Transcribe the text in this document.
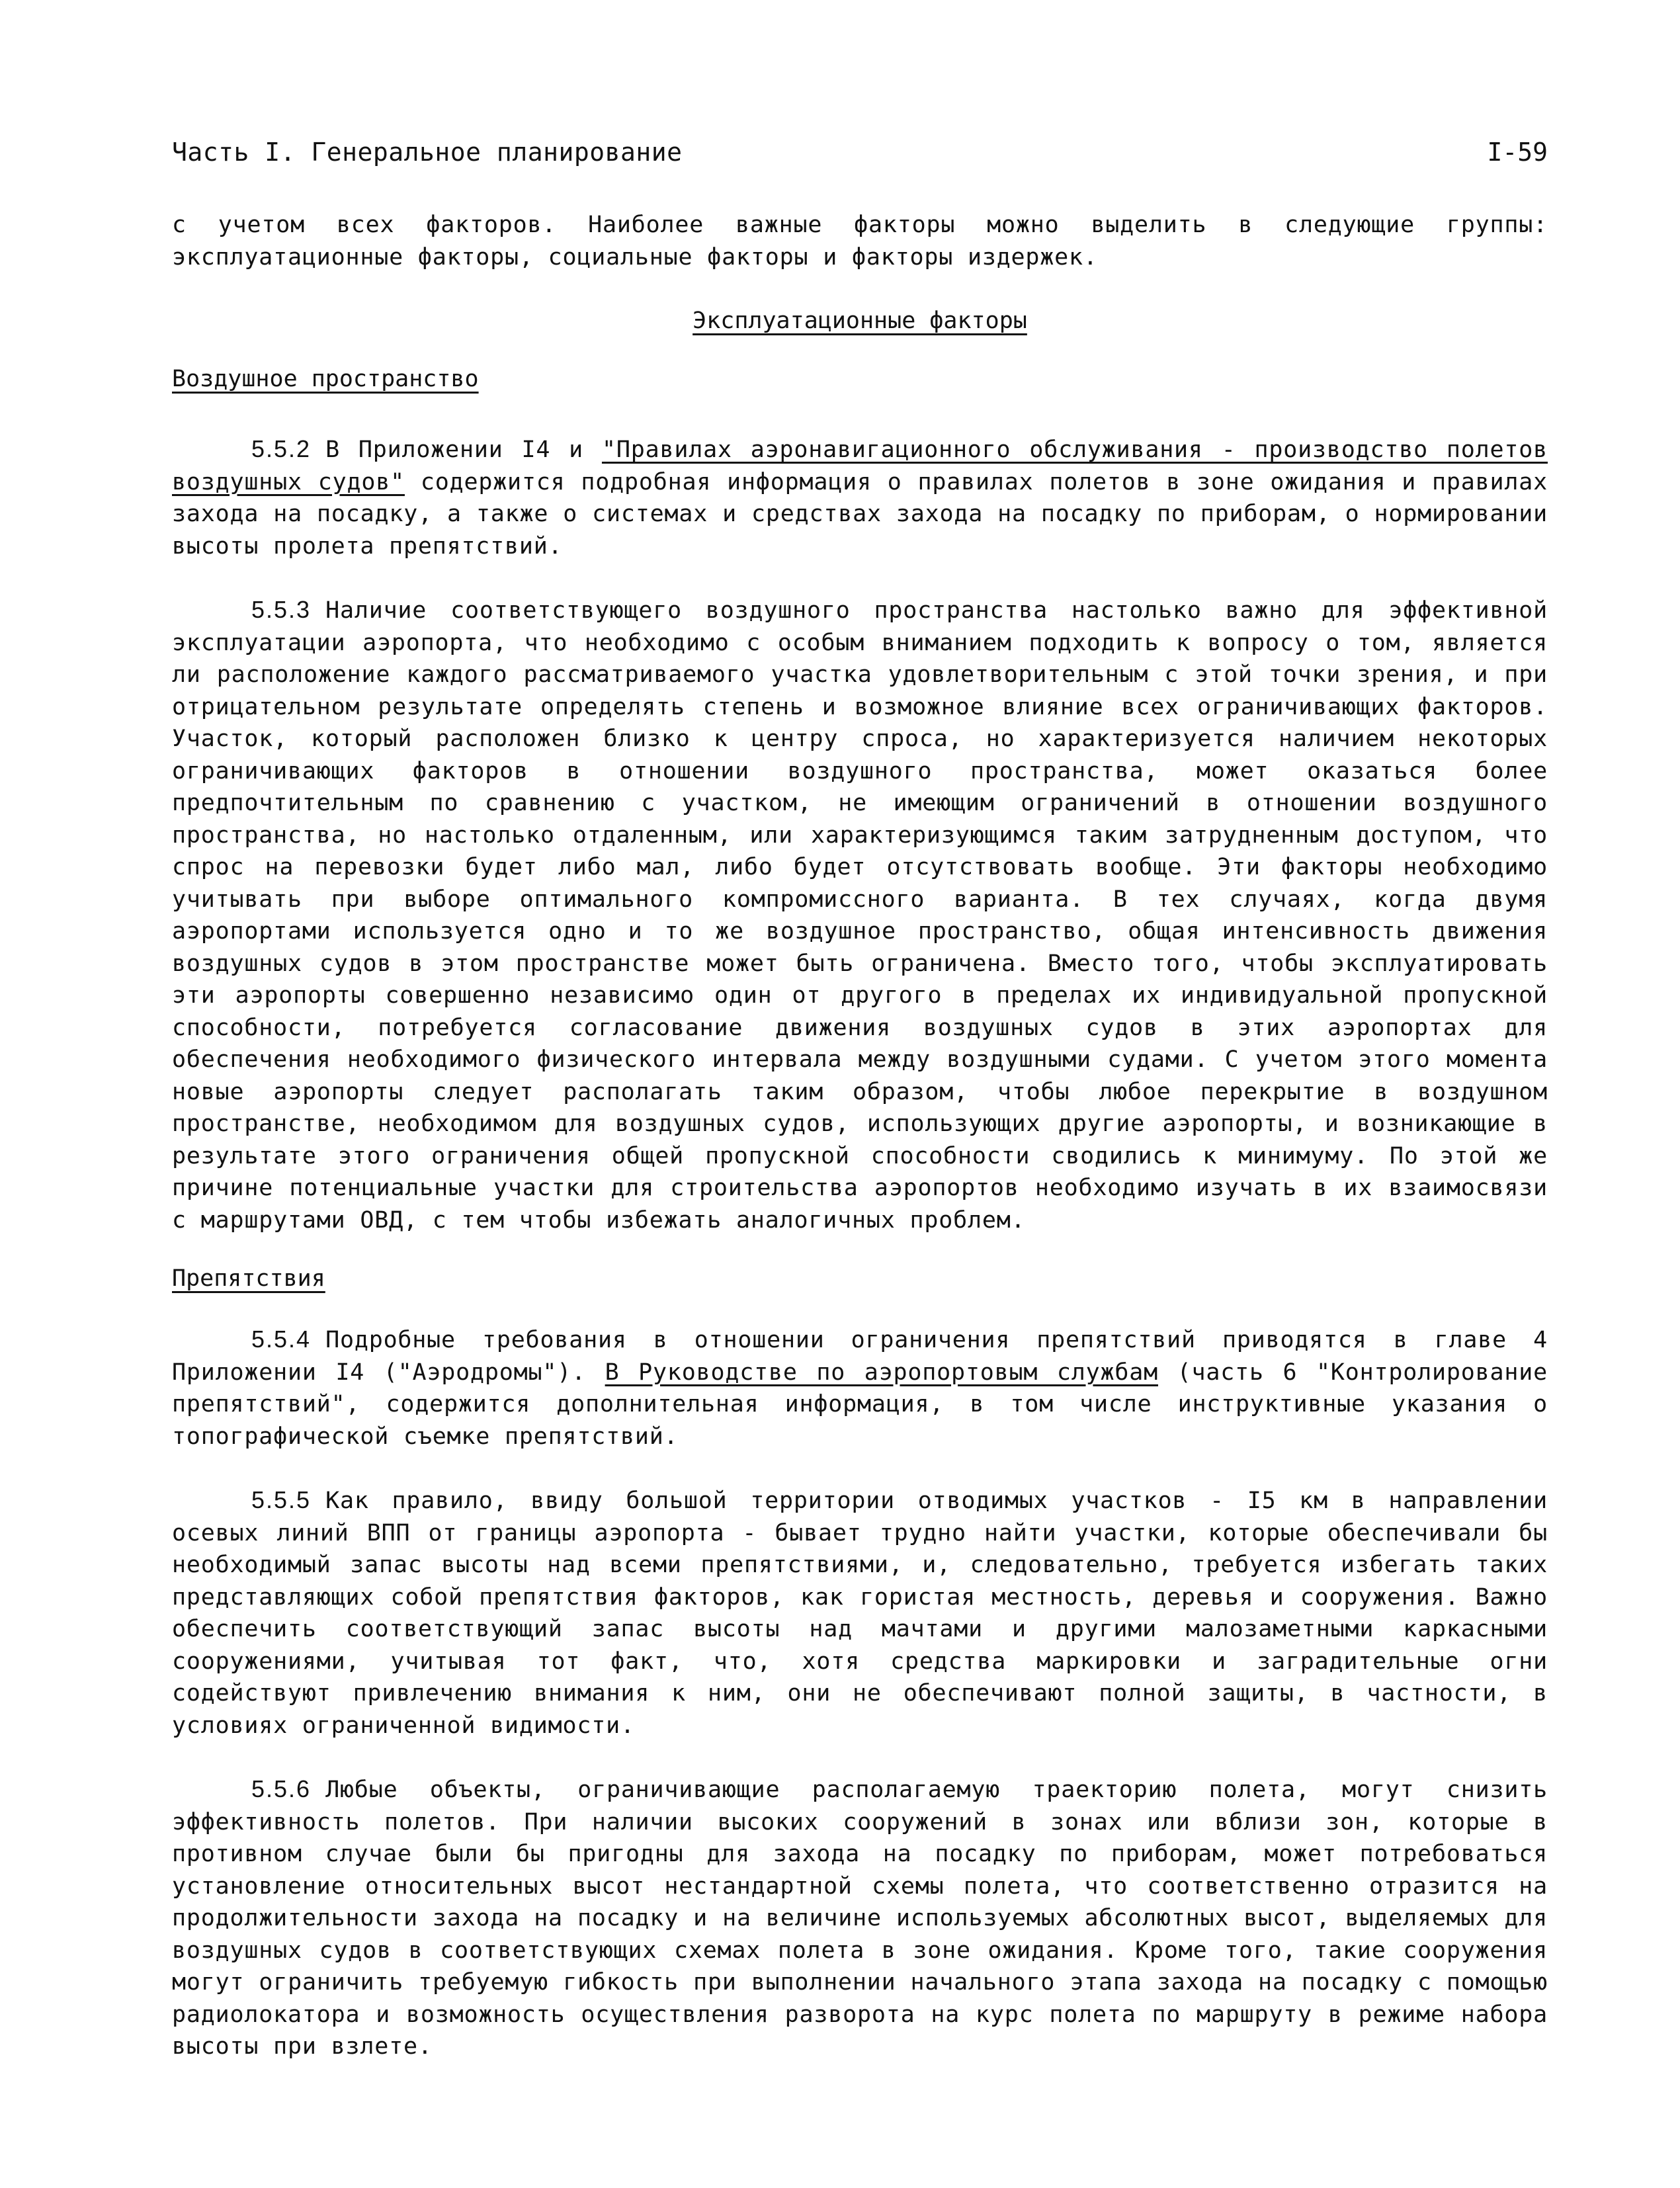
Часть I. Генеральное планирование	I-59

с учетом всех факторов. Наиболее важные факторы можно выделить в следующие группы: эксплуатационные факторы, социальные факторы и факторы издержек.

Эксплуатационные факторы
Воздушное пространство

5.5.2 В Приложении I4 и "Правилах аэронавигационного обслуживания - производство полетов воздушных судов" содержится подробная информация о правилах полетов в зоне ожидания и правилах захода на посадку, а также о системах и средствах захода на посадку по приборам, о нормировании высоты пролета препятствий.

5.5.3 Наличие соответствующего воздушного пространства настолько важно для эффективной эксплуатации аэропорта, что необходимо с особым вниманием подходить к вопросу о том, является ли расположение каждого рассматриваемого участка удовлетворительным с этой точки зрения, и при отрицательном результате определять степень и возможное влияние всех ограничивающих факторов. Участок, который расположен близко к центру спроса, но характеризуется наличием некоторых ограничивающих факторов в отношении воздушного пространства, может оказаться более предпочтительным по сравнению с участком, не имеющим ограничений в отношении воздушного пространства, но настолько отдаленным, или характеризующимся таким затрудненным доступом, что спрос на перевозки будет либо мал, либо будет отсутствовать вообще. Эти факторы необходимо учитывать при выборе оптимального компромиссного варианта. В тех случаях, когда двумя аэропортами используется одно и то же воздушное пространство, общая интенсивность движения воздушных судов в этом пространстве может быть ограничена. Вместо того, чтобы эксплуатировать эти аэропорты совершенно независимо один от другого в пределах их индивидуальной пропускной способности, потребуется согласование движения воздушных судов в этих аэропортах для обеспечения необходимого физического интервала между воздушными судами. С учетом этого момента новые аэропорты следует располагать таким образом, чтобы любое перекрытие в воздушном пространстве, необходимом для воздушных судов, использующих другие аэропорты, и возникающие в результате этого ограничения общей пропускной способности сводились к минимуму. По этой же причине потенциальные участки для строительства аэропортов необходимо изучать в их взаимосвязи с маршрутами ОВД, с тем чтобы избежать аналогичных проблем.

Препятствия

5.5.4 Подробные требования в отношении ограничения препятствий приводятся в главе 4 Приложении I4 ("Аэродромы"). В Руководстве по аэропортовым службам (часть 6 "Контролирование препятствий", содержится дополнительная информация, в том числе инструктивные указания о топографической съемке препятствий.

5.5.5 Как правило, ввиду большой территории отводимых участков - I5 км в направлении осевых линий ВПП от границы аэропорта - бывает трудно найти участки, которые обеспечивали бы необходимый запас высоты над всеми препятствиями, и, следовательно, требуется избегать таких представляющих собой препятствия факторов, как гористая местность, деревья и сооружения. Важно обеспечить соответствующий запас высоты над мачтами и другими малозаметными каркасными сооружениями, учитывая тот факт, что, хотя средства маркировки и заградительные огни содействуют привлечению внимания к ним, они не обеспечивают полной защиты, в частности, в условиях ограниченной видимости.

5.5.6 Любые объекты, ограничивающие располагаемую траекторию полета, могут снизить эффективность полетов. При наличии высоких сооружений в зонах или вблизи зон, которые в противном случае были бы пригодны для захода на посадку по приборам, может потребоваться установление относительных высот нестандартной схемы полета, что соответственно отразится на продолжительности захода на посадку и на величине используемых абсолютных высот, выделяемых для воздушных судов в соответствующих схемах полета в зоне ожидания. Кроме того, такие сооружения могут ограничить требуемую гибкость при выполнении начального этапа захода на посадку с помощью радиолокатора и возможность осуществления разворота на курс полета по маршруту в режиме набора высоты при взлете.
